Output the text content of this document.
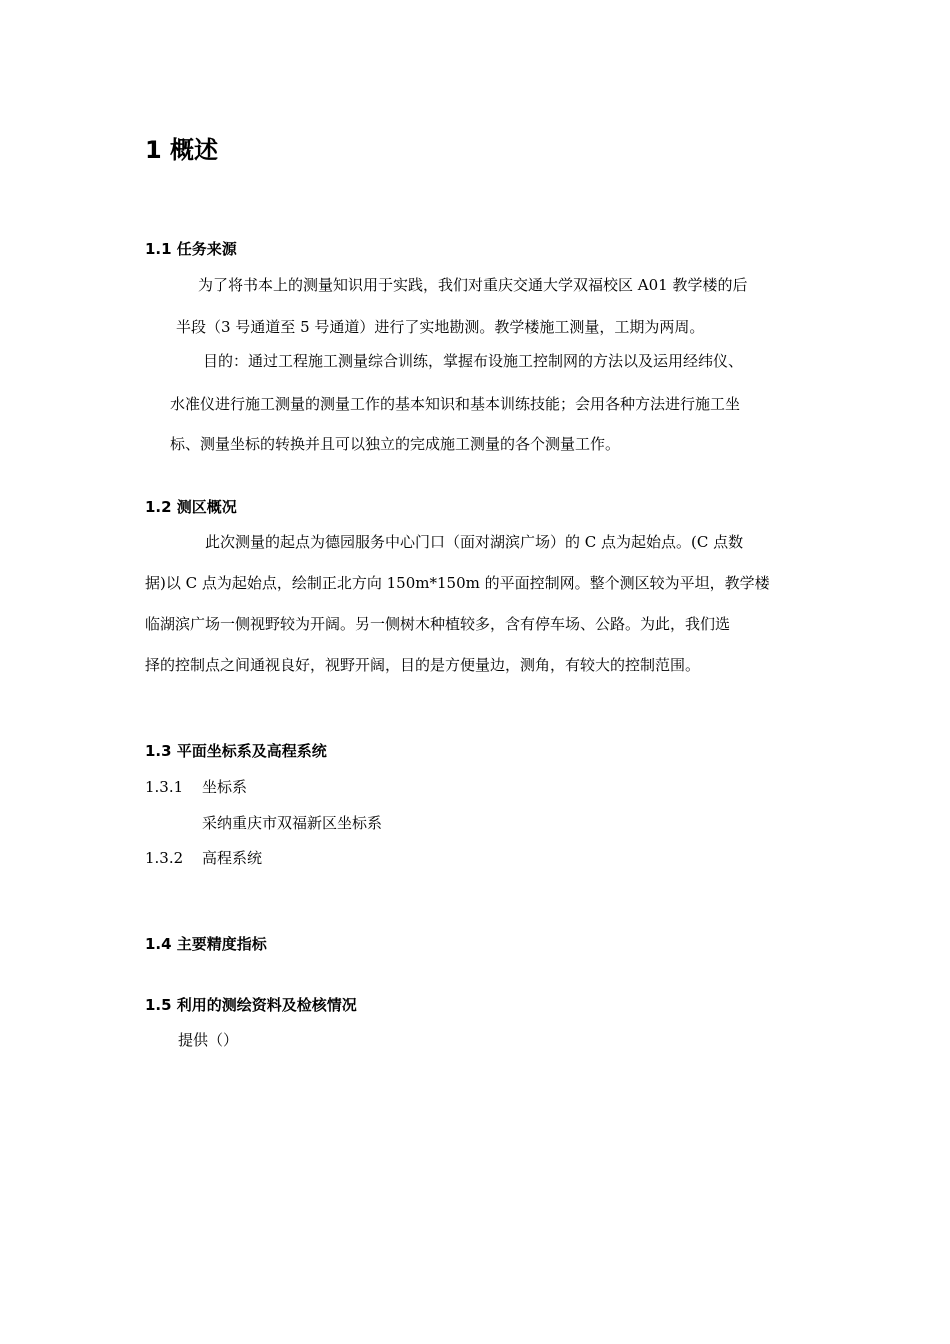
1 概述
1.1 任务来源
为了将书本上的测量知识用于实践，我们对重庆交通大学双福校区 A01 教学楼的后
半段（3 号通道至 5 号通道）进行了实地勘测。教学楼施工测量，工期为两周。
目的：通过工程施工测量综合训练，掌握布设施工控制网的方法以及运用经纬仪、
水准仪进行施工测量的测量工作的基本知识和基本训练技能；会用各种方法进行施工坐
标、测量坐标的转换并且可以独立的完成施工测量的各个测量工作。
1.2 测区概况
此次测量的起点为德园服务中心门口（面对湖滨广场）的 C 点为起始点。(C 点数
据)以 C 点为起始点，绘制正北方向 150m*150m 的平面控制网。整个测区较为平坦，教学楼
临湖滨广场一侧视野较为开阔。另一侧树木种植较多，含有停车场、公路。为此，我们选
择的控制点之间通视良好，视野开阔，目的是方便量边，测角，有较大的控制范围。
1.3 平面坐标系及高程系统
1.3.1 坐标系
采纳重庆市双福新区坐标系
1.3.2 高程系统
1.4 主要精度指标
1.5 利用的测绘资料及检核情况
提供（）
